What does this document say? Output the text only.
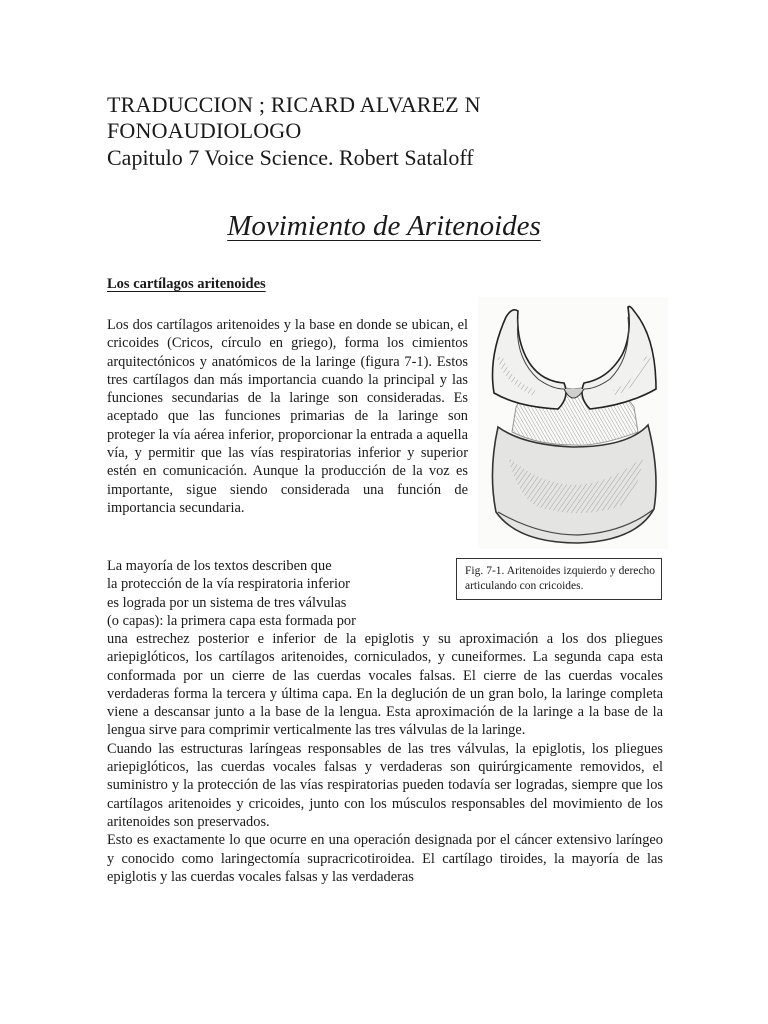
TRADUCCION ; RICARD ALVAREZ N
FONOAUDIOLOGO
Capitulo 7 Voice Science. Robert Sataloff
Movimiento de Aritenoides
Los cartílagos aritenoides
Los dos cartílagos aritenoides y la base en donde se ubican, el cricoides (Cricos, círculo en griego), forma los cimientos arquitectónicos y anatómicos de la laringe (figura 7-1). Estos tres cartílagos dan más importancia cuando la principal y las funciones secundarias de la laringe son consideradas. Es aceptado que las funciones primarias de la laringe son proteger la vía aérea inferior, proporcionar la entrada a aquella vía, y permitir que las vías respiratorias inferior y superior estén en comunicación. Aunque la producción de la voz es importante, sigue siendo considerada una función de importancia secundaria.
Fig. 7-1. Aritenoides izquierdo y derecho articulando con cricoides.
La mayoría de los textos describen que
la protección de la vía respiratoria inferior
es lograda por un sistema de tres válvulas
(o capas): la primera capa esta formada por

una estrechez posterior e inferior de la epiglotis y su aproximación a los dos pliegues ariepiglóticos, los cartílagos aritenoides, corniculados, y cuneiformes. La segunda capa esta conformada por un cierre de las cuerdas vocales falsas. El cierre de las cuerdas vocales verdaderas forma la tercera y última capa. En la deglución de un gran bolo, la laringe completa viene a descansar junto a la base de la lengua. Esta aproximación de la laringe a la base de la lengua sirve para comprimir verticalmente las tres válvulas de la laringe.

Cuando las estructuras laríngeas responsables de las tres válvulas, la epiglotis, los pliegues ariepiglóticos, las cuerdas vocales falsas y verdaderas son quirúrgicamente removidos, el suministro y la protección de las vías respiratorias pueden todavía ser logradas, siempre que los cartílagos aritenoides y cricoides, junto con los músculos responsables del movimiento de los aritenoides son preservados.

Esto es exactamente lo que ocurre en una operación designada por el cáncer extensivo laríngeo y conocido como laringectomía supracricotiroidea. El cartílago tiroides, la mayoría de las epiglotis y las cuerdas vocales falsas y las verdaderas
